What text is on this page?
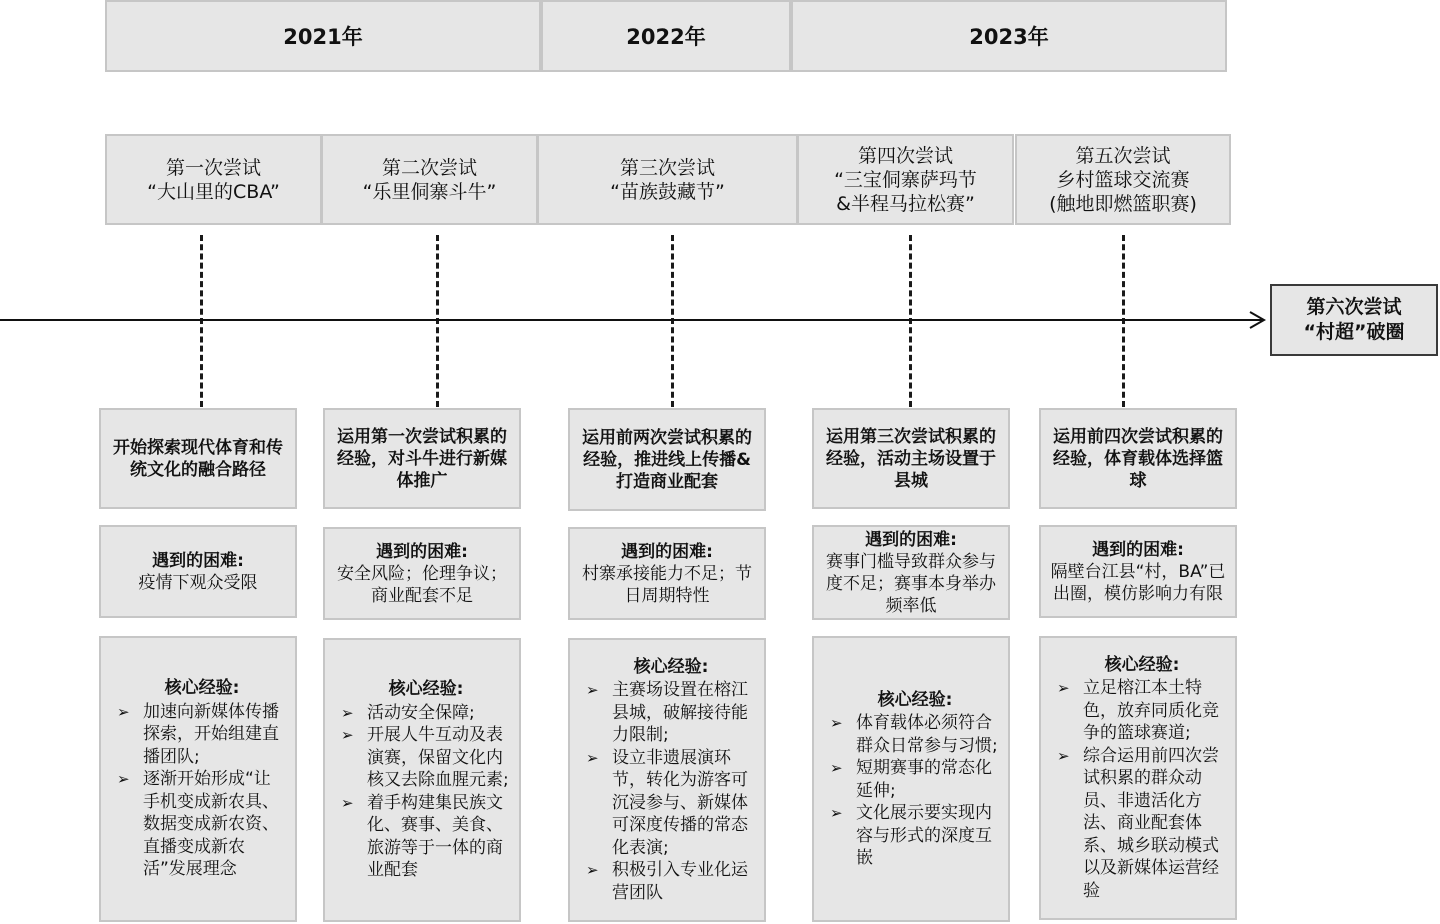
2021年	2022年	2023年
第一次尝试
“大山里的CBA”
第二次尝试
“乐里侗寨斗牛”
第三次尝试
“苗族鼓藏节”
第四次尝试
“三宝侗寨萨玛节
&半程马拉松赛”
第五次尝试
乡村篮球交流赛
(触地即燃篮职赛)
第六次尝试
“村超”破圈
开始探索现代体育和传统文化的融合路径
遇到的困难:
疫情下观众受限
核心经验:
➢ 加速向新媒体传播探索，开始组建直播团队;
➢ 逐渐开始形成“让手机变成新农具、数据变成新农资、直播变成新农活”发展理念
运用第一次尝试积累的经验，对斗牛进行新媒体推广
遇到的困难:
安全风险；伦理争议；商业配套不足
核心经验:
➢ 活动安全保障;
➢ 开展人牛互动及表演赛，保留文化内核又去除血腥元素;
➢ 着手构建集民族文化、赛事、美食、旅游等于一体的商业配套
运用前两次尝试积累的经验，推进线上传播&打造商业配套
遇到的困难:
村寨承接能力不足；节日周期特性
核心经验:
➢ 主赛场设置在榕江县城，破解接待能力限制;
➢ 设立非遗展演环节，转化为游客可沉浸参与、新媒体可深度传播的常态化表演;
➢ 积极引入专业化运营团队
运用第三次尝试积累的经验，活动主场设置于县城
遇到的困难:
赛事门槛导致群众参与度不足；赛事本身举办频率低
核心经验:
➢ 体育载体必须符合群众日常参与习惯;
➢ 短期赛事的常态化延伸;
➢ 文化展示要实现内容与形式的深度互嵌
运用前四次尝试积累的经验，体育载体选择篮球
遇到的困难:
隔壁台江县“村，BA”已出圈，模仿影响力有限
核心经验:
➢ 立足榕江本土特色，放弃同质化竞争的篮球赛道;
➢ 综合运用前四次尝试积累的群众动员、非遗活化方法、商业配套体系、城乡联动模式以及新媒体运营经验
